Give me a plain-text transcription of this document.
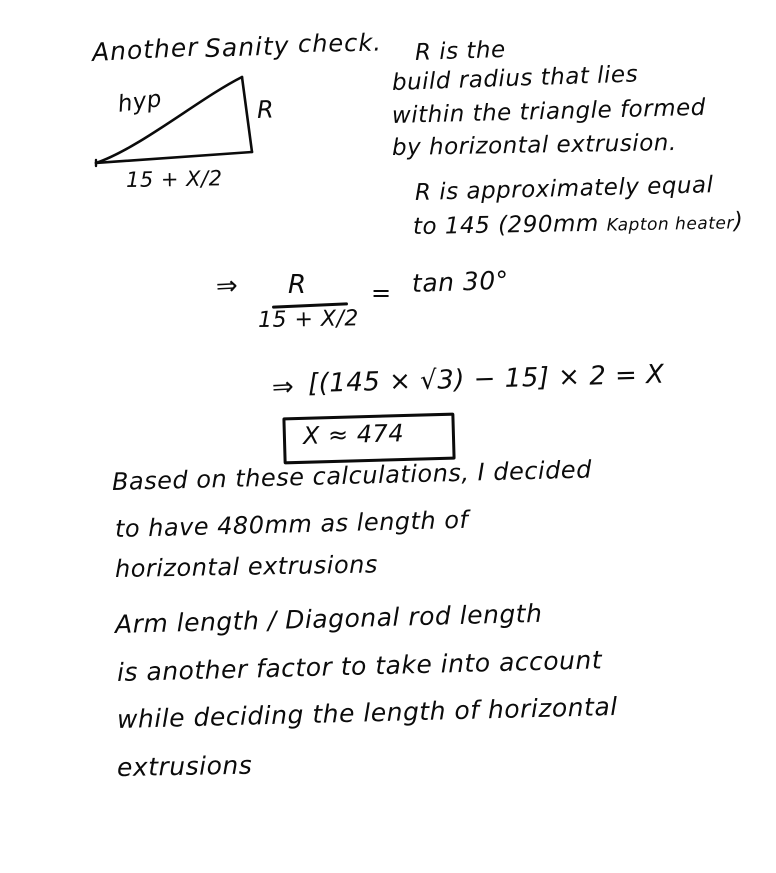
Another Sanity check.
hyp	R
15 + X/2
R is the
build radius that lies
within the triangle formed
by horizontal extrusion.
R is approximately equal
to 145 (290mm Kapton heater)
⇒ R
15 + X/2
= tan 30°
⇒ [(145 × √3) − 15] × 2 = X
X ≈ 474
Based on these calculations, I decided
to have 480mm as length of
horizontal extrusions
Arm length / Diagonal rod length
is another factor to take into account
while deciding the length of horizontal
extrusions
